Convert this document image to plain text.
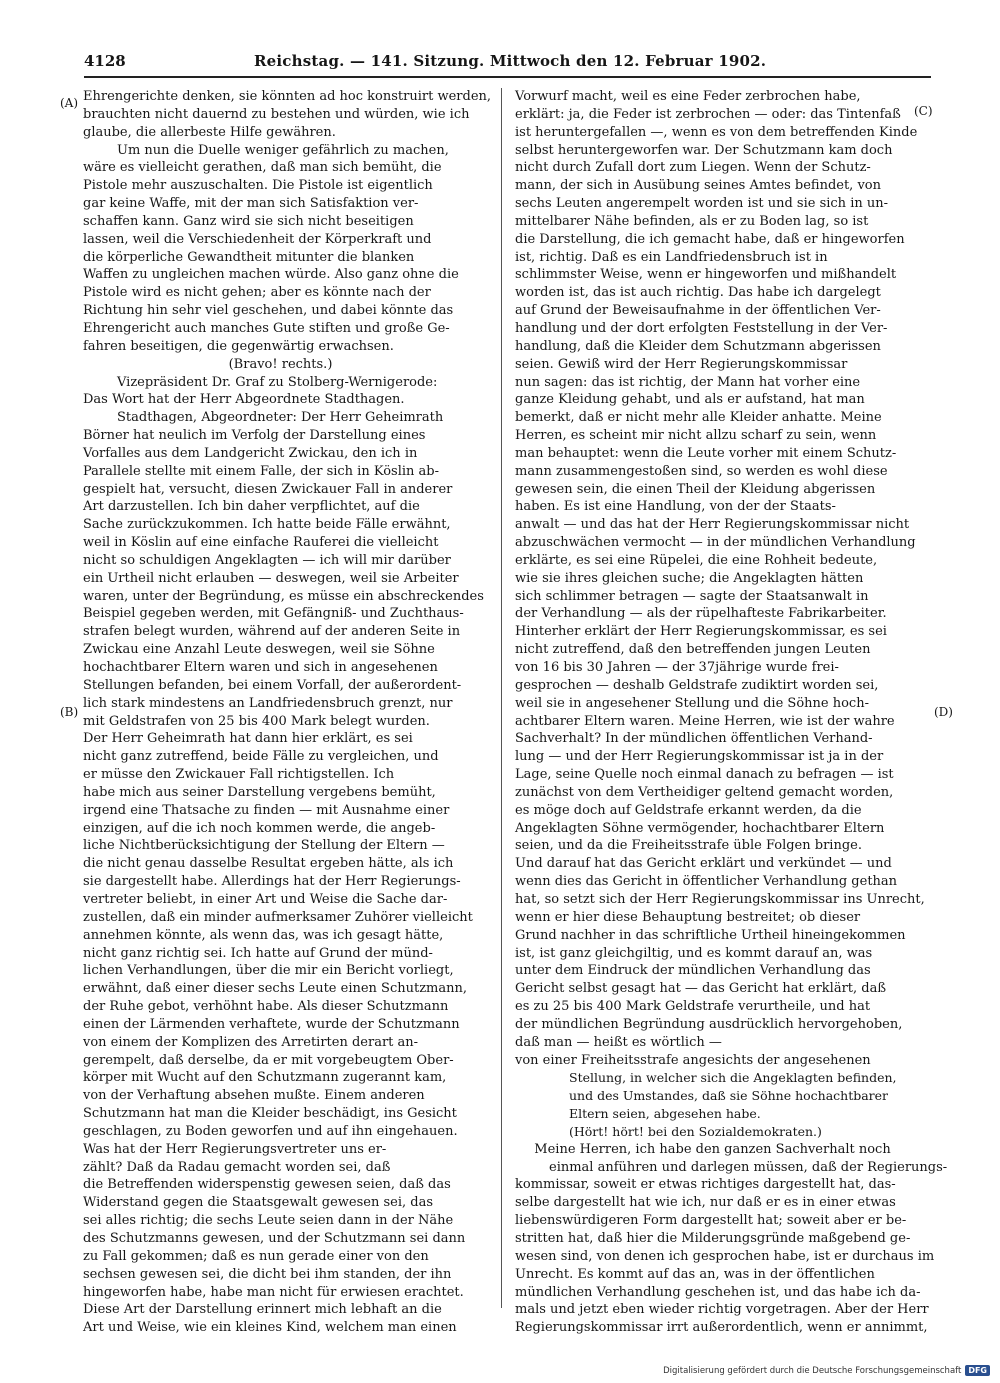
4128	Reichstag. — 141. Sitzung. Mittwoch den 12. Februar 1902.
(A)
(B)
(C)
(D)
Ehrengerichte denken, sie könnten ad hoc konstruirt werden,
brauchten nicht dauernd zu bestehen und würden, wie ich
glaube, die allerbeste Hilfe gewähren.
Um nun die Duelle weniger gefährlich zu machen,
wäre es vielleicht gerathen, daß man sich bemüht, die
Pistole mehr auszuschalten. Die Pistole ist eigentlich
gar keine Waffe, mit der man sich Satisfaktion ver-
schaffen kann. Ganz wird sie sich nicht beseitigen
lassen, weil die Verschiedenheit der Körperkraft und
die körperliche Gewandtheit mitunter die blanken
Waffen zu ungleichen machen würde. Also ganz ohne die
Pistole wird es nicht gehen; aber es könnte nach der
Richtung hin sehr viel geschehen, und dabei könnte das
Ehrengericht auch manches Gute stiften und große Ge-
fahren beseitigen, die gegenwärtig erwachsen.
(Bravo! rechts.)
Vizepräsident Dr. Graf zu Stolberg-Wernigerode:
Das Wort hat der Herr Abgeordnete Stadthagen.
Stadthagen, Abgeordneter: Der Herr Geheimrath
Börner hat neulich im Verfolg der Darstellung eines
Vorfalles aus dem Landgericht Zwickau, den ich in
Parallele stellte mit einem Falle, der sich in Köslin ab-
gespielt hat, versucht, diesen Zwickauer Fall in anderer
Art darzustellen. Ich bin daher verpflichtet, auf die
Sache zurückzukommen. Ich hatte beide Fälle erwähnt,
weil in Köslin auf eine einfache Rauferei die vielleicht
nicht so schuldigen Angeklagten — ich will mir darüber
ein Urtheil nicht erlauben — deswegen, weil sie Arbeiter
waren, unter der Begründung, es müsse ein abschreckendes
Beispiel gegeben werden, mit Gefängniß- und Zuchthaus-
strafen belegt wurden, während auf der anderen Seite in
Zwickau eine Anzahl Leute deswegen, weil sie Söhne
hochachtbarer Eltern waren und sich in angesehenen
Stellungen befanden, bei einem Vorfall, der außerordent-
lich stark mindestens an Landfriedensbruch grenzt, nur
mit Geldstrafen von 25 bis 400 Mark belegt wurden.
Der Herr Geheimrath hat dann hier erklärt, es sei
nicht ganz zutreffend, beide Fälle zu vergleichen, und
er müsse den Zwickauer Fall richtigstellen. Ich
habe mich aus seiner Darstellung vergebens bemüht,
irgend eine Thatsache zu finden — mit Ausnahme einer
einzigen, auf die ich noch kommen werde, die angeb-
liche Nichtberücksichtigung der Stellung der Eltern —
die nicht genau dasselbe Resultat ergeben hätte, als ich
sie dargestellt habe. Allerdings hat der Herr Regierungs-
vertreter beliebt, in einer Art und Weise die Sache dar-
zustellen, daß ein minder aufmerksamer Zuhörer vielleicht
annehmen könnte, als wenn das, was ich gesagt hätte,
nicht ganz richtig sei. Ich hatte auf Grund der münd-
lichen Verhandlungen, über die mir ein Bericht vorliegt,
erwähnt, daß einer dieser sechs Leute einen Schutzmann,
der Ruhe gebot, verhöhnt habe. Als dieser Schutzmann
einen der Lärmenden verhaftete, wurde der Schutzmann
von einem der Komplizen des Arretirten derart an-
gerempelt, daß derselbe, da er mit vorgebeugtem Ober-
körper mit Wucht auf den Schutzmann zugerannt kam,
von der Verhaftung absehen mußte. Einem anderen
Schutzmann hat man die Kleider beschädigt, ins Gesicht
geschlagen, zu Boden geworfen und auf ihn eingehauen.
Was hat der Herr Regierungsvertreter uns er-
zählt? Daß da Radau gemacht worden sei, daß
die Betreffenden widerspenstig gewesen seien, daß das
Widerstand gegen die Staatsgewalt gewesen sei, das
sei alles richtig; die sechs Leute seien dann in der Nähe
des Schutzmanns gewesen, und der Schutzmann sei dann
zu Fall gekommen; daß es nun gerade einer von den
sechsen gewesen sei, die dicht bei ihm standen, der ihn
hingeworfen habe, habe man nicht für erwiesen erachtet.
Diese Art der Darstellung erinnert mich lebhaft an die
Art und Weise, wie ein kleines Kind, welchem man einen
Vorwurf macht, weil es eine Feder zerbrochen habe,
erklärt: ja, die Feder ist zerbrochen — oder: das Tintenfaß
ist heruntergefallen —, wenn es von dem betreffenden Kinde
selbst heruntergeworfen war. Der Schutzmann kam doch
nicht durch Zufall dort zum Liegen. Wenn der Schutz-
mann, der sich in Ausübung seines Amtes befindet, von
sechs Leuten angerempelt worden ist und sie sich in un-
mittelbarer Nähe befinden, als er zu Boden lag, so ist
die Darstellung, die ich gemacht habe, daß er hingeworfen
ist, richtig. Daß es ein Landfriedensbruch ist in
schlimmster Weise, wenn er hingeworfen und mißhandelt
worden ist, das ist auch richtig. Das habe ich dargelegt
auf Grund der Beweisaufnahme in der öffentlichen Ver-
handlung und der dort erfolgten Feststellung in der Ver-
handlung, daß die Kleider dem Schutzmann abgerissen
seien. Gewiß wird der Herr Regierungskommissar
nun sagen: das ist richtig, der Mann hat vorher eine
ganze Kleidung gehabt, und als er aufstand, hat man
bemerkt, daß er nicht mehr alle Kleider anhatte. Meine
Herren, es scheint mir nicht allzu scharf zu sein, wenn
man behauptet: wenn die Leute vorher mit einem Schutz-
mann zusammengestoßen sind, so werden es wohl diese
gewesen sein, die einen Theil der Kleidung abgerissen
haben. Es ist eine Handlung, von der der Staats-
anwalt — und das hat der Herr Regierungskommissar nicht
abzuschwächen vermocht — in der mündlichen Verhandlung
erklärte, es sei eine Rüpelei, die eine Rohheit bedeute,
wie sie ihres gleichen suche; die Angeklagten hätten
sich schlimmer betragen — sagte der Staatsanwalt in
der Verhandlung — als der rüpelhafteste Fabrikarbeiter.
Hinterher erklärt der Herr Regierungskommissar, es sei
nicht zutreffend, daß den betreffenden jungen Leuten
von 16 bis 30 Jahren — der 37jährige wurde frei-
gesprochen — deshalb Geldstrafe zudiktirt worden sei,
weil sie in angesehener Stellung und die Söhne hoch-
achtbarer Eltern waren. Meine Herren, wie ist der wahre
Sachverhalt? In der mündlichen öffentlichen Verhand-
lung — und der Herr Regierungskommissar ist ja in der
Lage, seine Quelle noch einmal danach zu befragen — ist
zunächst von dem Vertheidiger geltend gemacht worden,
es möge doch auf Geldstrafe erkannt werden, da die
Angeklagten Söhne vermögender, hochachtbarer Eltern
seien, und da die Freiheitsstrafe üble Folgen bringe.
Und darauf hat das Gericht erklärt und verkündet — und
wenn dies das Gericht in öffentlicher Verhandlung gethan
hat, so setzt sich der Herr Regierungskommissar ins Unrecht,
wenn er hier diese Behauptung bestreitet; ob dieser
Grund nachher in das schriftliche Urtheil hineingekommen
ist, ist ganz gleichgiltig, und es kommt darauf an, was
unter dem Eindruck der mündlichen Verhandlung das
Gericht selbst gesagt hat — das Gericht hat erklärt, daß
es zu 25 bis 400 Mark Geldstrafe verurtheile, und hat
der mündlichen Begründung ausdrücklich hervorgehoben,
daß man — heißt es wörtlich —
von einer Freiheitsstrafe angesichts der angesehenen
Stellung, in welcher sich die Angeklagten befinden,
und des Umstandes, daß sie Söhne hochachtbarer
Eltern seien, abgesehen habe.
(Hört! hört! bei den Sozialdemokraten.)
Meine Herren, ich habe den ganzen Sachverhalt noch
einmal anführen und darlegen müssen, daß der Regierungs-
kommissar, soweit er etwas richtiges dargestellt hat, das-
selbe dargestellt hat wie ich, nur daß er es in einer etwas
liebenswürdigeren Form dargestellt hat; soweit aber er be-
stritten hat, daß hier die Milderungsgründe maßgebend ge-
wesen sind, von denen ich gesprochen habe, ist er durchaus im
Unrecht. Es kommt auf das an, was in der öffentlichen
mündlichen Verhandlung geschehen ist, und das habe ich da-
mals und jetzt eben wieder richtig vorgetragen. Aber der Herr
Regierungskommissar irrt außerordentlich, wenn er annimmt,
Digitalisierung gefördert durch die Deutsche Forschungsgemeinschaft DFG
